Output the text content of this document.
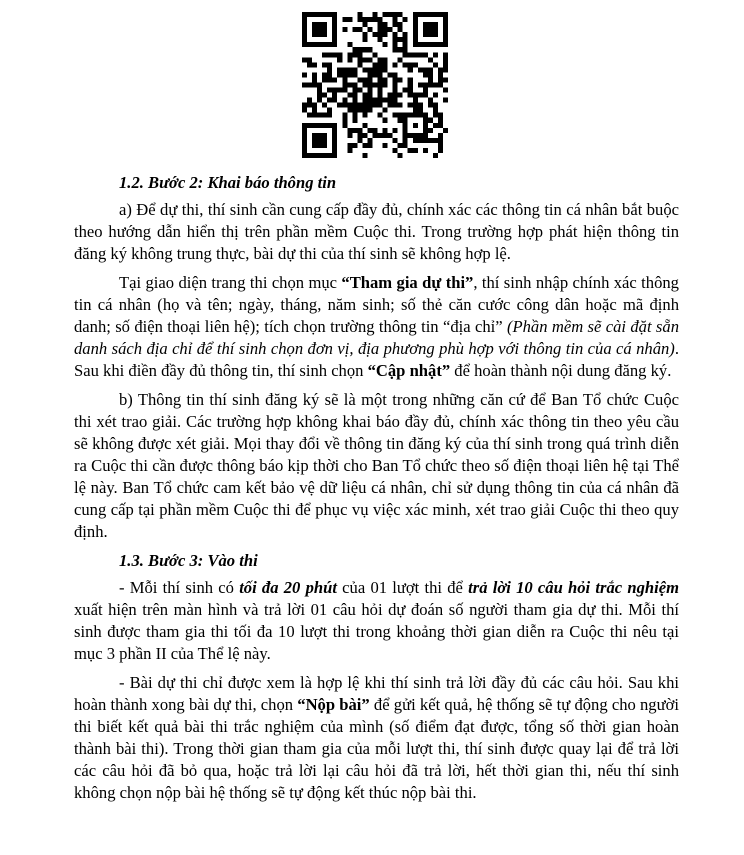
1.2. Bước 2: Khai báo thông tin

a) Để dự thi, thí sinh cần cung cấp đầy đủ, chính xác các thông tin cá nhân bắt buộc theo hướng dẫn hiển thị trên phần mềm Cuộc thi. Trong trường hợp phát hiện thông tin đăng ký không trung thực, bài dự thi của thí sinh sẽ không hợp lệ.

Tại giao diện trang thi chọn mục “Tham gia dự thi”, thí sinh nhập chính xác thông tin cá nhân (họ và tên; ngày, tháng, năm sinh; số thẻ căn cước công dân hoặc mã định danh; số điện thoại liên hệ); tích chọn trường thông tin “địa chỉ” (Phần mềm sẽ cài đặt sẵn danh sách địa chỉ để thí sinh chọn đơn vị, địa phương phù hợp với thông tin của cá nhân). Sau khi điền đầy đủ thông tin, thí sinh chọn “Cập nhật” để hoàn thành nội dung đăng ký.

b) Thông tin thí sinh đăng ký sẽ là một trong những căn cứ để Ban Tổ chức Cuộc thi xét trao giải. Các trường hợp không khai báo đầy đủ, chính xác thông tin theo yêu cầu sẽ không được xét giải. Mọi thay đổi về thông tin đăng ký của thí sinh trong quá trình diễn ra Cuộc thi cần được thông báo kịp thời cho Ban Tổ chức theo số điện thoại liên hệ tại Thể lệ này. Ban Tổ chức cam kết bảo vệ dữ liệu cá nhân, chỉ sử dụng thông tin của cá nhân đã cung cấp tại phần mềm Cuộc thi để phục vụ việc xác minh, xét trao giải Cuộc thi theo quy định.

1.3. Bước 3: Vào thi

- Mỗi thí sinh có tối đa 20 phút của 01 lượt thi để trả lời 10 câu hỏi trắc nghiệm xuất hiện trên màn hình và trả lời 01 câu hỏi dự đoán số người tham gia dự thi. Mỗi thí sinh được tham gia thi tối đa 10 lượt thi trong khoảng thời gian diễn ra Cuộc thi nêu tại mục 3 phần II của Thể lệ này.

- Bài dự thi chỉ được xem là hợp lệ khi thí sinh trả lời đầy đủ các câu hỏi. Sau khi hoàn thành xong bài dự thi, chọn “Nộp bài” để gửi kết quả, hệ thống sẽ tự động cho người thi biết kết quả bài thi trắc nghiệm của mình (số điểm đạt được, tổng số thời gian hoàn thành bài thi). Trong thời gian tham gia của mỗi lượt thi, thí sinh được quay lại để trả lời các câu hỏi đã bỏ qua, hoặc trả lời lại câu hỏi đã trả lời, hết thời gian thi, nếu thí sinh không chọn nộp bài hệ thống sẽ tự động kết thúc nộp bài thi.
